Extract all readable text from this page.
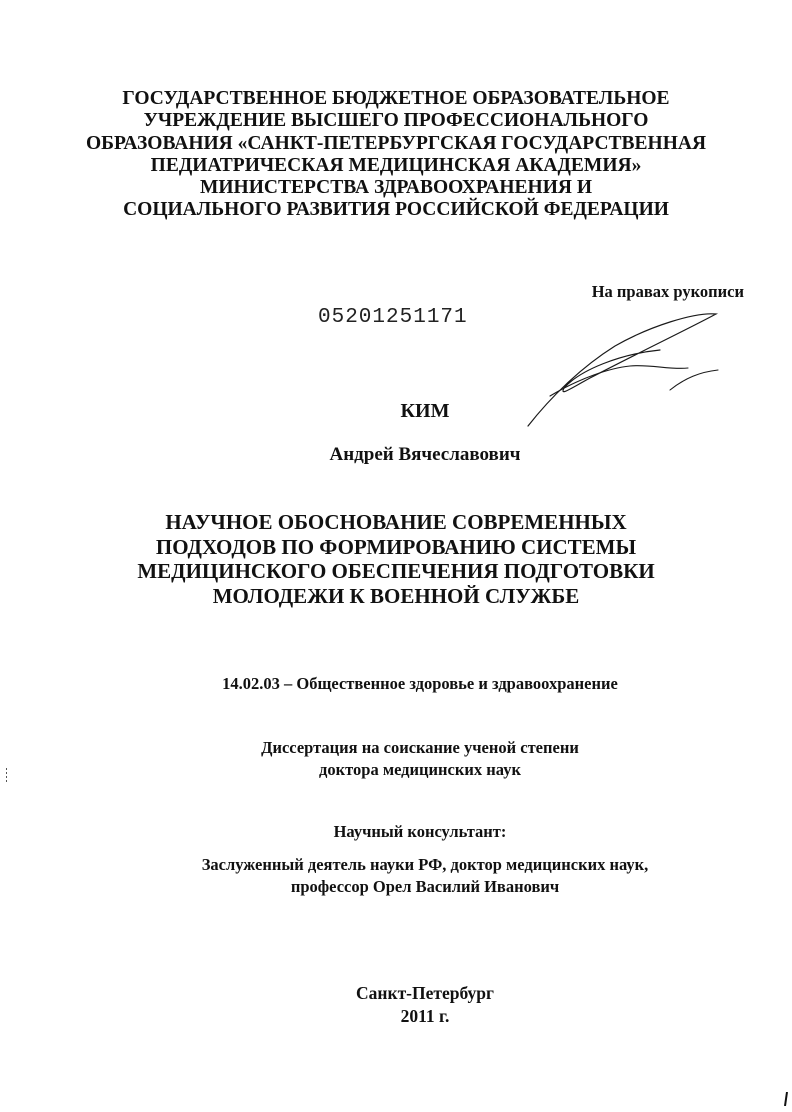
ГОСУДАРСТВЕННОЕ БЮДЖЕТНОЕ ОБРАЗОВАТЕЛЬНОЕ
УЧРЕЖДЕНИЕ ВЫСШЕГО ПРОФЕССИОНАЛЬНОГО
ОБРАЗОВАНИЯ «САНКТ-ПЕТЕРБУРГСКАЯ ГОСУДАРСТВЕННАЯ
ПЕДИАТРИЧЕСКАЯ МЕДИЦИНСКАЯ АКАДЕМИЯ»
МИНИСТЕРСТВА ЗДРАВООХРАНЕНИЯ И
СОЦИАЛЬНОГО РАЗВИТИЯ РОССИЙСКОЙ ФЕДЕРАЦИИ
На правах рукописи
05201251171
КИМ
Андрей Вячеславович
НАУЧНОЕ ОБОСНОВАНИЕ СОВРЕМЕННЫХ
ПОДХОДОВ ПО ФОРМИРОВАНИЮ СИСТЕМЫ
МЕДИЦИНСКОГО ОБЕСПЕЧЕНИЯ ПОДГОТОВКИ
МОЛОДЕЖИ К ВОЕННОЙ СЛУЖБЕ
14.02.03 – Общественное здоровье и здравоохранение
Диссертация на соискание ученой степени
доктора медицинских наук
Научный консультант:
Заслуженный деятель науки РФ, доктор медицинских наук,
профессор Орел Василий Иванович
Санкт-Петербург
2011 г.
